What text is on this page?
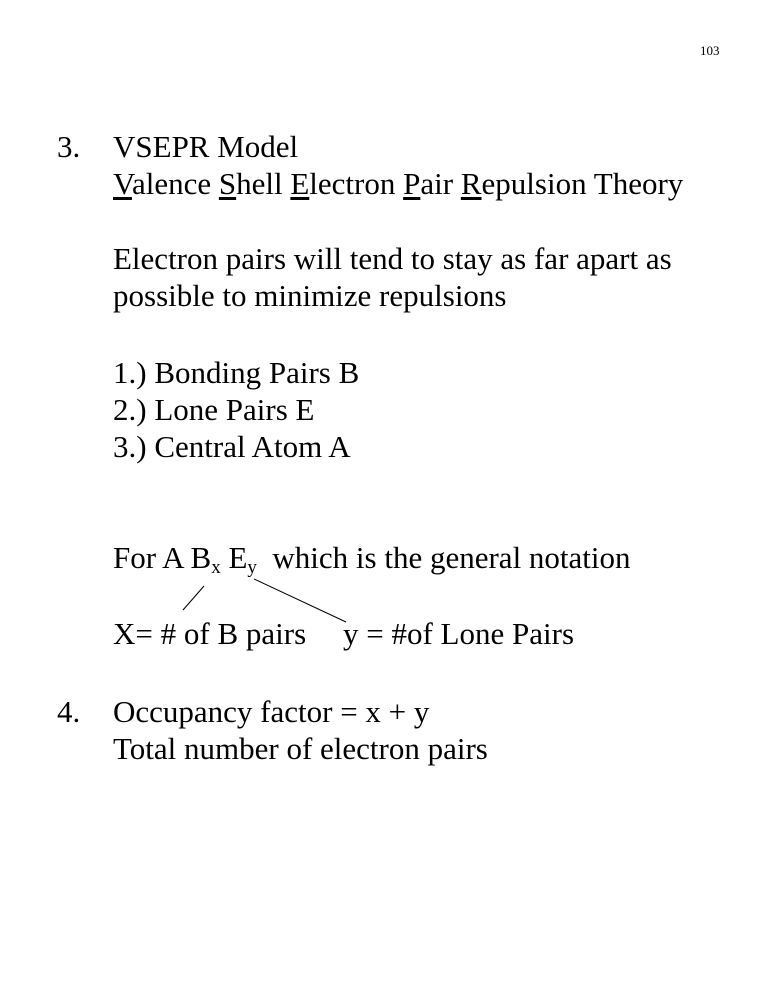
103
3. VSEPR Model
Valence Shell Electron Pair Repulsion Theory
Electron pairs will tend to stay as far apart as
possible to minimize repulsions
1.) Bonding Pairs B
2.) Lone Pairs E
3.) Central Atom A
For A $B_x$ $E_y$  which is the general notation
X= # of B pairs y = #of Lone Pairs
4. Occupancy factor = x + y
Total number of electron pairs
